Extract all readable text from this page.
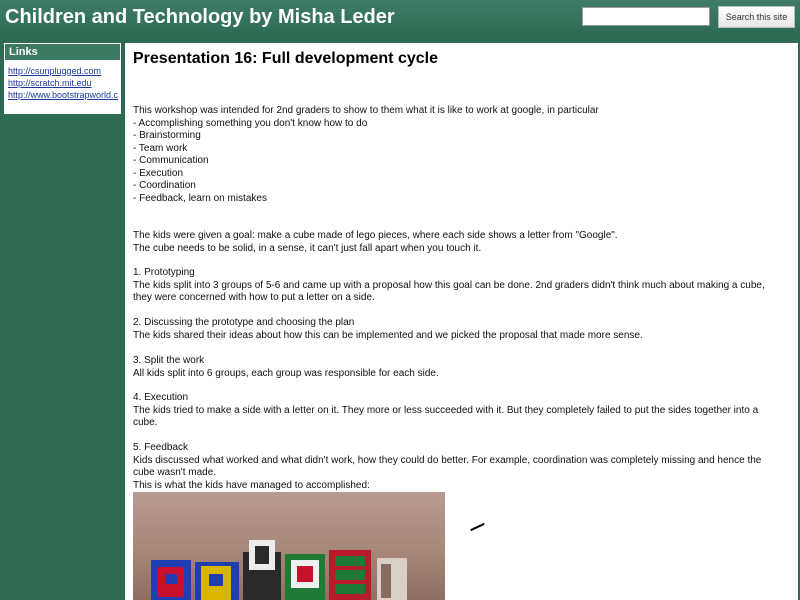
Children and Technology by Misha Leder	Search this site
Links
http://csunplugged.com
http://scratch.mit.edu
http://www.bootstrapworld.c
Presentation 16: Full development cycle
This workshop was intended for 2nd graders to show to them what it is like to work at google, in particular
- Accomplishing something you don't know how to do
- Brainstorming
- Team work
- Communication
- Execution
- Coordination
- Feedback, learn on mistakes
The kids were given a goal: make a cube made of lego pieces, where each side shows a letter from "Google".
The cube needs to be solid, in a sense, it can't just fall apart when you touch it.
1. Prototyping
The kids split into 3 groups of 5-6 and came up with a proposal how this goal can be done. 2nd graders didn't think much about making a cube, they were concerned with how to put a letter on a side.
2. Discussing the prototype and choosing the plan
The kids shared their ideas about how this can be implemented and we picked the proposal that made more sense.
3. Split the work
All kids split into 6 groups, each group was responsible for each side.
4. Execution
The kids tried to make a side with a letter on it. They more or less succeeded with it. But they completely failed to put the sides together into a cube.
5. Feedback
Kids discussed what worked and what didn't work, how they could do better. For example, coordination was completely missing and hence the cube wasn't made.
This is what the kids have managed to accomplished:
